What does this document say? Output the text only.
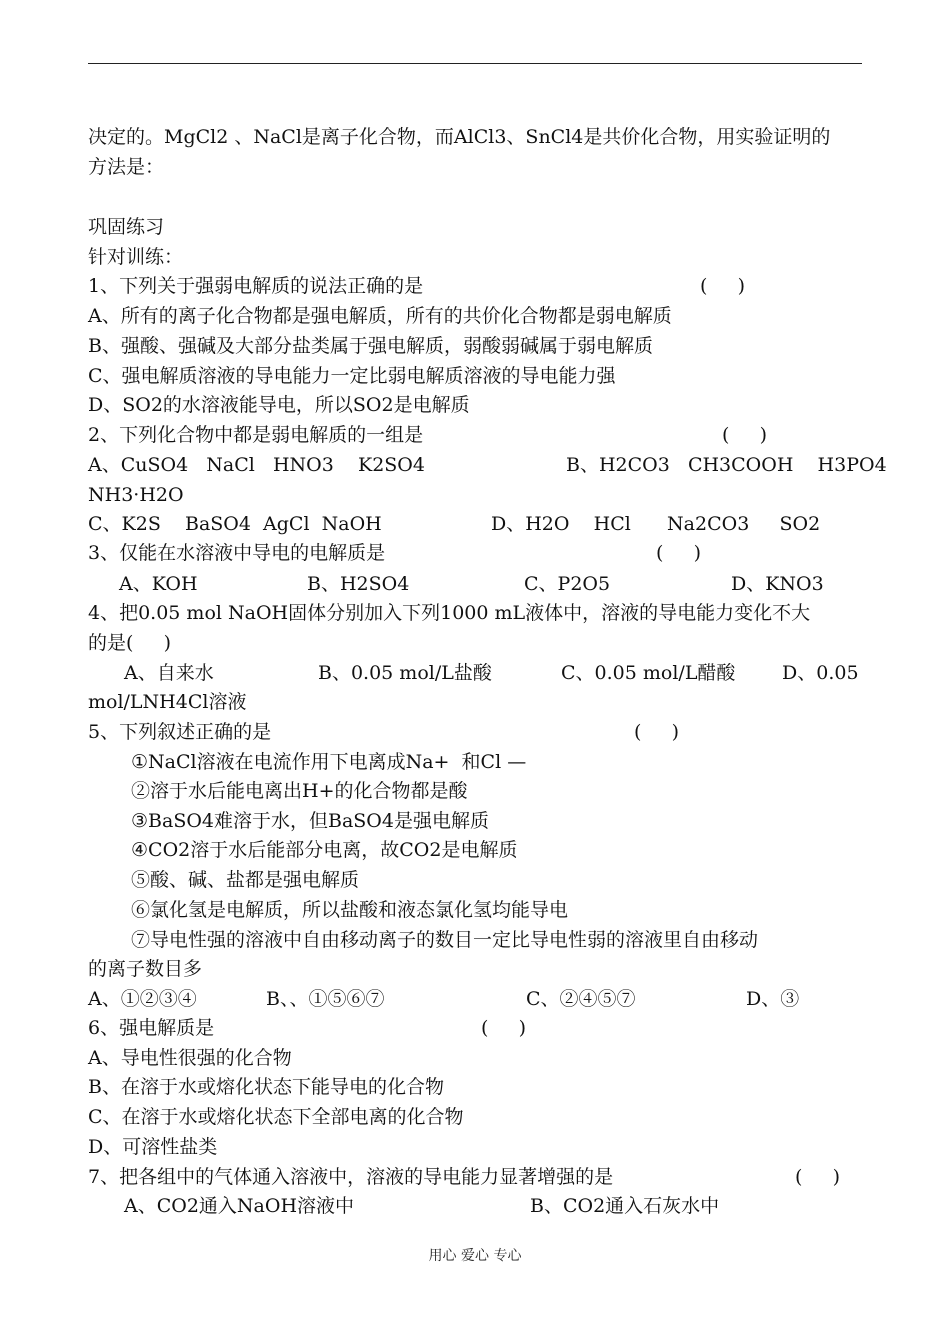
决定的。MgCl2 、NaCl是离子化合物，而AlCl3、SnCl4是共价化合物，用实验证明的
方法是：
巩固练习
针对训练：
1、下列关于强弱电解质的说法正确的是	(     )
A、所有的离子化合物都是强电解质，所有的共价化合物都是弱电解质
B、强酸、强碱及大部分盐类属于强电解质，弱酸弱碱属于弱电解质
C、强电解质溶液的导电能力一定比弱电解质溶液的导电能力强
D、SO2的水溶液能导电，所以SO2是电解质
2、下列化合物中都是弱电解质的一组是	(     )
A、CuSO4   NaCl   HNO3    K2SO4	B、H2CO3   CH3COOH    H3PO4
NH3·H2O
C、K2S    BaSO4  AgCl  NaOH	D、H2O    HCl      Na2CO3     SO2
3、仅能在水溶液中导电的电解质是	(     )
A、KOH	B、H2SO4	C、P2O5	D、KNO3
4、把0.05 mol NaOH固体分别加入下列1000 mL液体中，溶液的导电能力变化不大
的是(     )
A、自来水	B、0.05 mol/L盐酸	C、0.05 mol/L醋酸 D、0.05
mol/LNH4Cl溶液
5、下列叙述正确的是	(     )
①NaCl溶液在电流作用下电离成Na+  和Cl —
②溶于水后能电离出H+的化合物都是酸
③BaSO4难溶于水，但BaSO4是强电解质
④CO2溶于水后能部分电离，故CO2是电解质
⑤酸、碱、盐都是强电解质
⑥氯化氢是电解质，所以盐酸和液态氯化氢均能导电
⑦导电性强的溶液中自由移动离子的数目一定比导电性弱的溶液里自由移动
的离子数目多
A、①②③④	B、、①⑤⑥⑦	C、②④⑤⑦	D、③
6、强电解质是	(     )
A、导电性很强的化合物
B、在溶于水或熔化状态下能导电的化合物
C、在溶于水或熔化状态下全部电离的化合物
D、可溶性盐类
7、把各组中的气体通入溶液中，溶液的导电能力显著增强的是	(     )
A、CO2通入NaOH溶液中	B、CO2通入石灰水中
用心 爱心 专心
